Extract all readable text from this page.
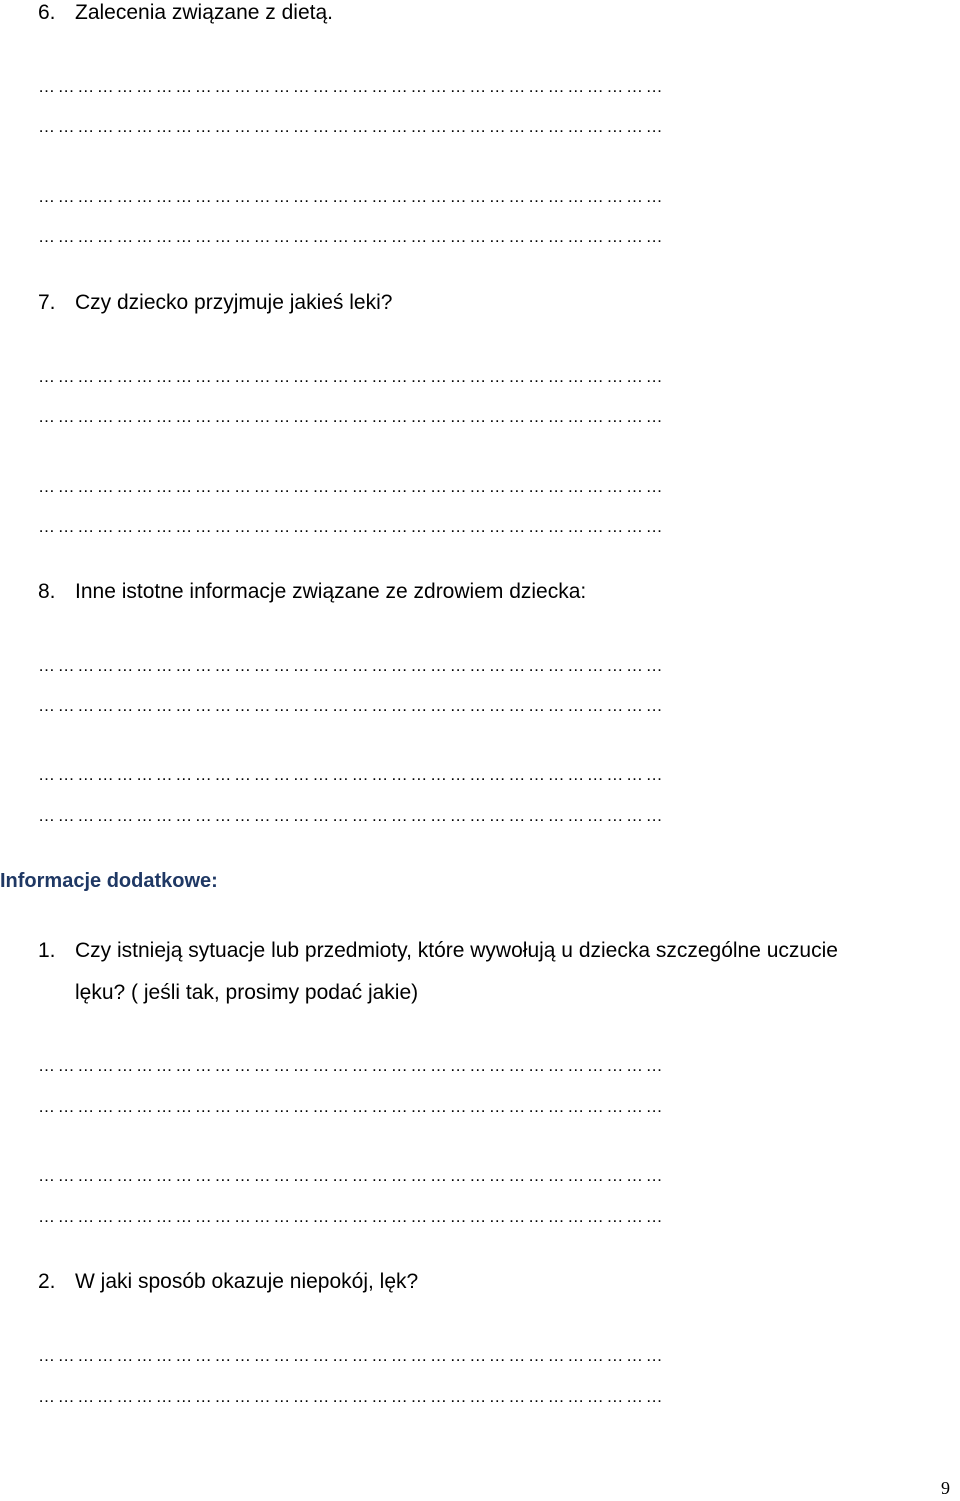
6. Zalecenia związane z dietą.
……………………………………………………………………………………
……………………………………………………………………………………
……………………………………………………………………………………
……………………………………………………………………………………
7. Czy dziecko przyjmuje jakieś leki?
……………………………………………………………………………………
……………………………………………………………………………………
……………………………………………………………………………………
……………………………………………………………………………………
8. Inne istotne informacje związane ze zdrowiem dziecka:
……………………………………………………………………………………
……………………………………………………………………………………
……………………………………………………………………………………
……………………………………………………………………………………
Informacje dodatkowe:
1. Czy istnieją sytuacje lub przedmioty, które wywołują u dziecka szczególne uczucie
lęku? ( jeśli tak, prosimy podać jakie)
……………………………………………………………………………………
……………………………………………………………………………………
……………………………………………………………………………………
……………………………………………………………………………………
2. W jaki sposób okazuje niepokój, lęk?
……………………………………………………………………………………
……………………………………………………………………………………
9
